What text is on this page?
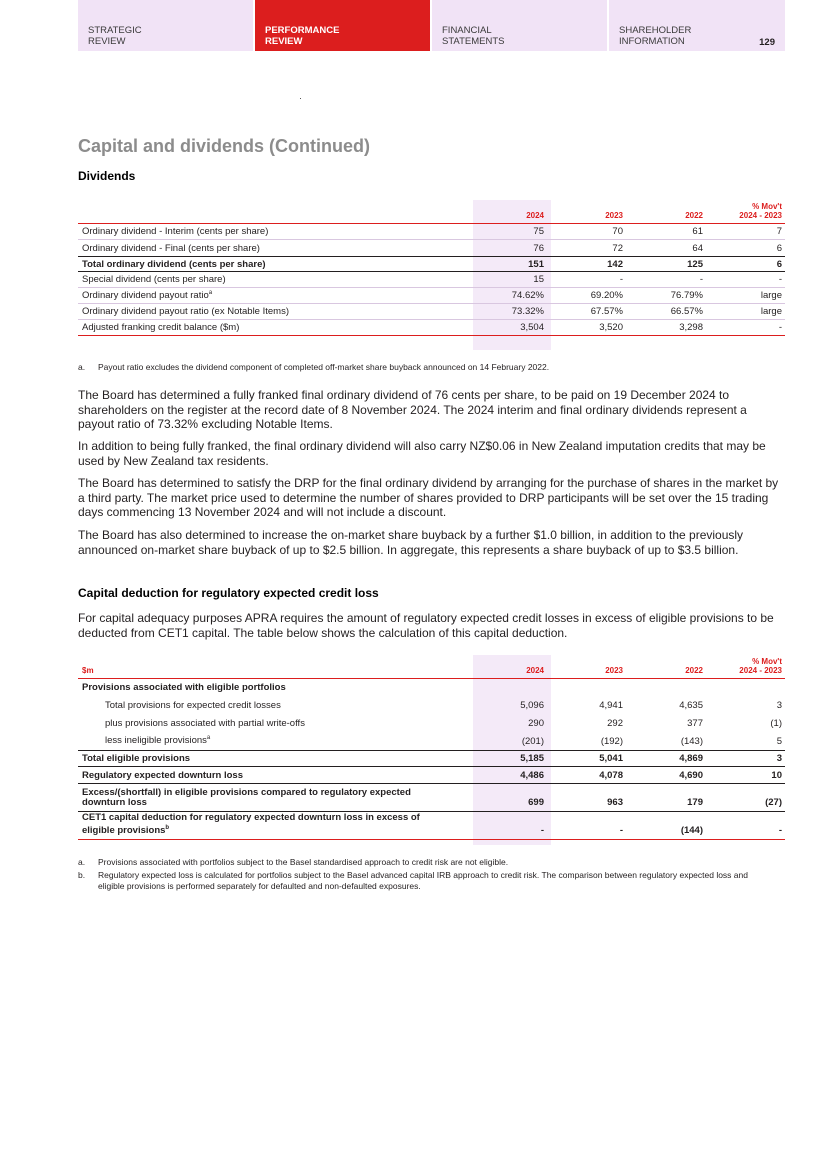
STRATEGIC
REVIEW
PERFORMANCE
REVIEW
FINANCIAL
STATEMENTS
SHAREHOLDER
INFORMATION	129
Capital and dividends (Continued)
Dividends
2024	2023	2022
% Mov't
2024 - 2023
Ordinary dividend - Interim (cents per share)	75	70	61	7
Ordinary dividend - Final (cents per share)	76	72	64	6
Total ordinary dividend (cents per share)	151	142	125	6
Special dividend (cents per share)	15	-	-	-
Ordinary dividend payout ratio$^a$	74.62%	69.20%	76.79%	large
Ordinary dividend payout ratio (ex Notable Items)	73.32%	67.57%	66.57%	large
Adjusted franking credit balance ($m)	3,504	3,520	3,298	-
a. Payout ratio excludes the dividend component of completed off-market share buyback announced on 14 February 2022.

The Board has determined a fully franked final ordinary dividend of 76 cents per share, to be paid on 19 December 2024 to shareholders on the register at the record date of 8 November 2024. The 2024 interim and final ordinary dividends represent a payout ratio of 73.32% excluding Notable Items.

In addition to being fully franked, the final ordinary dividend will also carry NZ$0.06 in New Zealand imputation credits that may be used by New Zealand tax residents.

The Board has determined to satisfy the DRP for the final ordinary dividend by arranging for the purchase of shares in the market by a third party. The market price used to determine the number of shares provided to DRP participants will be set over the 15 trading days commencing 13 November 2024 and will not include a discount.

The Board has also determined to increase the on-market share buyback by a further $1.0 billion, in addition to the previously announced on-market share buyback of up to $2.5 billion. In aggregate, this represents a share buyback of up to $3.5 billion.

Capital deduction for regulatory expected credit loss

For capital adequacy purposes APRA requires the amount of regulatory expected credit losses in excess of eligible provisions to be deducted from CET1 capital. The table below shows the calculation of this capital deduction.

$m	2024	2023	2022
% Mov't
2024 - 2023
Provisions associated with eligible portfolios
Total provisions for expected credit losses	5,096	4,941	4,635	3
plus provisions associated with partial write-offs	290	292	377	(1)
less ineligible provisions$^a$	(201)	(192)	(143)	5
Total eligible provisions	5,185	5,041	4,869	3
Regulatory expected downturn loss	4,486	4,078	4,690	10
Excess/(shortfall) in eligible provisions compared to regulatory expected downturn loss	699	963	179	(27)
CET1 capital deduction for regulatory expected downturn loss in excess of eligible provisions$^b$	-	-	(144)	-
a. Provisions associated with portfolios subject to the Basel standardised approach to credit risk are not eligible.
b. Regulatory expected loss is calculated for portfolios subject to the Basel advanced capital IRB approach to credit risk. The comparison between regulatory expected loss and eligible provisions is performed separately for defaulted and non-defaulted exposures.
